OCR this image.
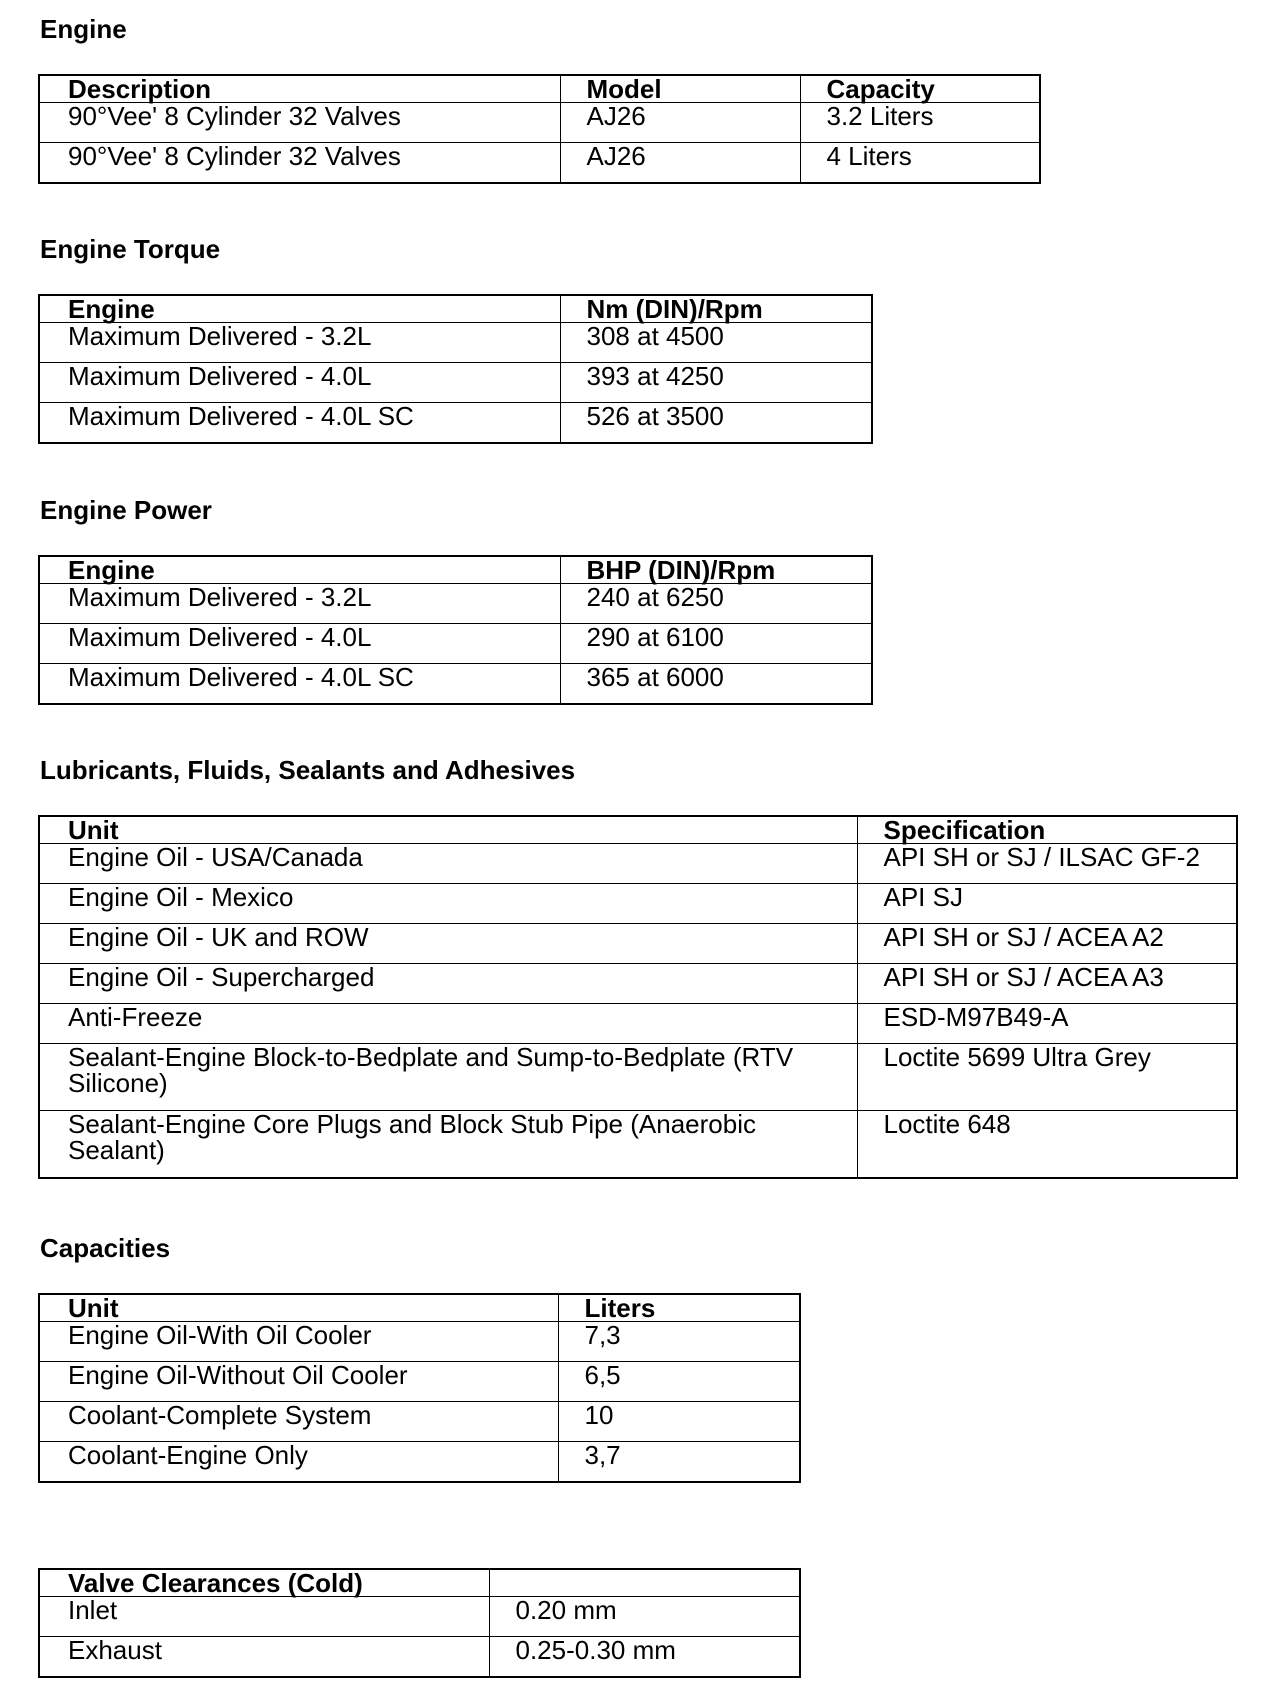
Engine
Description	Model	Capacity
90°Vee' 8 Cylinder 32 Valves	AJ26	3.2 Liters
90°Vee' 8 Cylinder 32 Valves	AJ26	4 Liters
Engine Torque
Engine	Nm (DIN)/Rpm
Maximum Delivered - 3.2L	308 at 4500
Maximum Delivered - 4.0L	393 at 4250
Maximum Delivered - 4.0L SC	526 at 3500
Engine Power
Engine	BHP (DIN)/Rpm
Maximum Delivered - 3.2L	240 at 6250
Maximum Delivered - 4.0L	290 at 6100
Maximum Delivered - 4.0L SC	365 at 6000
Lubricants, Fluids, Sealants and Adhesives
Unit	Specification
Engine Oil - USA/Canada	API SH or SJ / ILSAC GF-2
Engine Oil - Mexico	API SJ
Engine Oil - UK and ROW	API SH or SJ / ACEA A2
Engine Oil - Supercharged	API SH or SJ / ACEA A3
Anti-Freeze	ESD-M97B49-A
Sealant-Engine Block-to-Bedplate and Sump-to-Bedplate (RTV Silicone)	Loctite 5699 Ultra Grey
Sealant-Engine Core Plugs and Block Stub Pipe (Anaerobic Sealant)	Loctite 648
Capacities
Unit	Liters
Engine Oil-With Oil Cooler	7,3
Engine Oil-Without Oil Cooler	6,5
Coolant-Complete System	10
Coolant-Engine Only	3,7
Valve Clearances (Cold)	
Inlet	0.20 mm
Exhaust	0.25-0.30 mm
